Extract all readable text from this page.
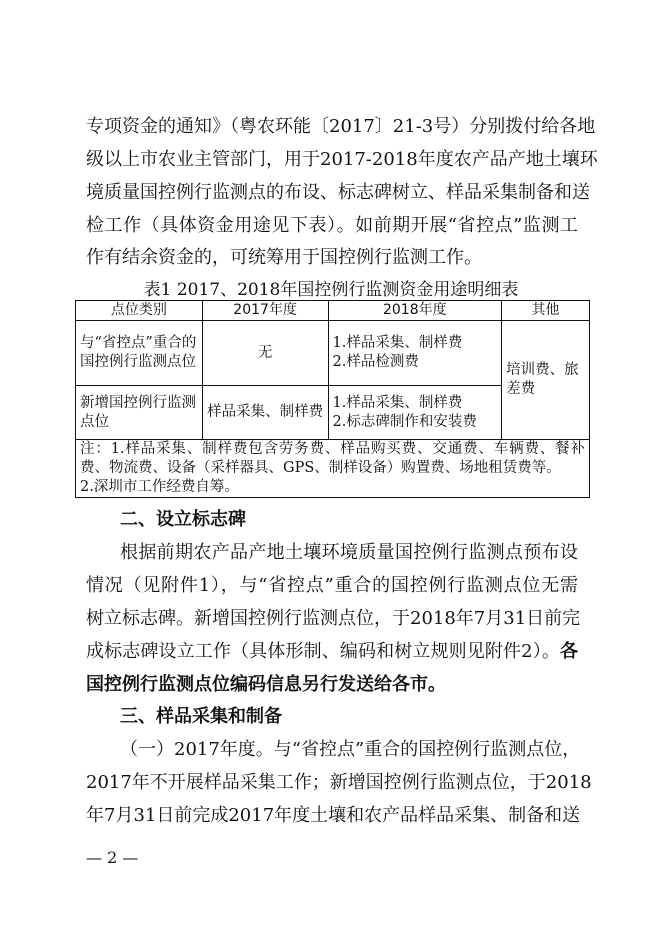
专项资金的通知》（粤农环能〔2017〕21-3号）分别拨付给各地
级以上市农业主管部门，用于2017-2018年度农产品产地土壤环
境质量国控例行监测点的布设、标志碑树立、样品采集制备和送
检工作（具体资金用途见下表）。如前期开展“省控点”监测工
作有结余资金的，可统筹用于国控例行监测工作。
表1 2017、2018年国控例行监测资金用途明细表
点位类别	2017年度	2018年度	其他
与“省控点”重合的国控例行监测点位	无	1.样品采集、制样费
2.样品检测费	培训费、旅差费
新增国控例行监测点位	样品采集、制样费	1.样品采集、制样费
2.标志碑制作和安装费	

注：1.样品采集、制样费包含劳务费、样品购买费、交通费、车辆费、餐补费、物流费、设备（采样器具、GPS、制样设备）购置费、场地租赁费等。
2.深圳市工作经费自筹。			
二、设立标志碑
根据前期农产品产地土壤环境质量国控例行监测点预布设
情况（见附件1），与“省控点”重合的国控例行监测点位无需
树立标志碑。新增国控例行监测点位，于2018年7月31日前完
成标志碑设立工作（具体形制、编码和树立规则见附件2）。各
国控例行监测点位编码信息另行发送给各市。
三、样品采集和制备
（一）2017年度。与“省控点”重合的国控例行监测点位，
2017年不开展样品采集工作；新增国控例行监测点位，于2018
年7月31日前完成2017年度土壤和农产品样品采集、制备和送
— 2 —
